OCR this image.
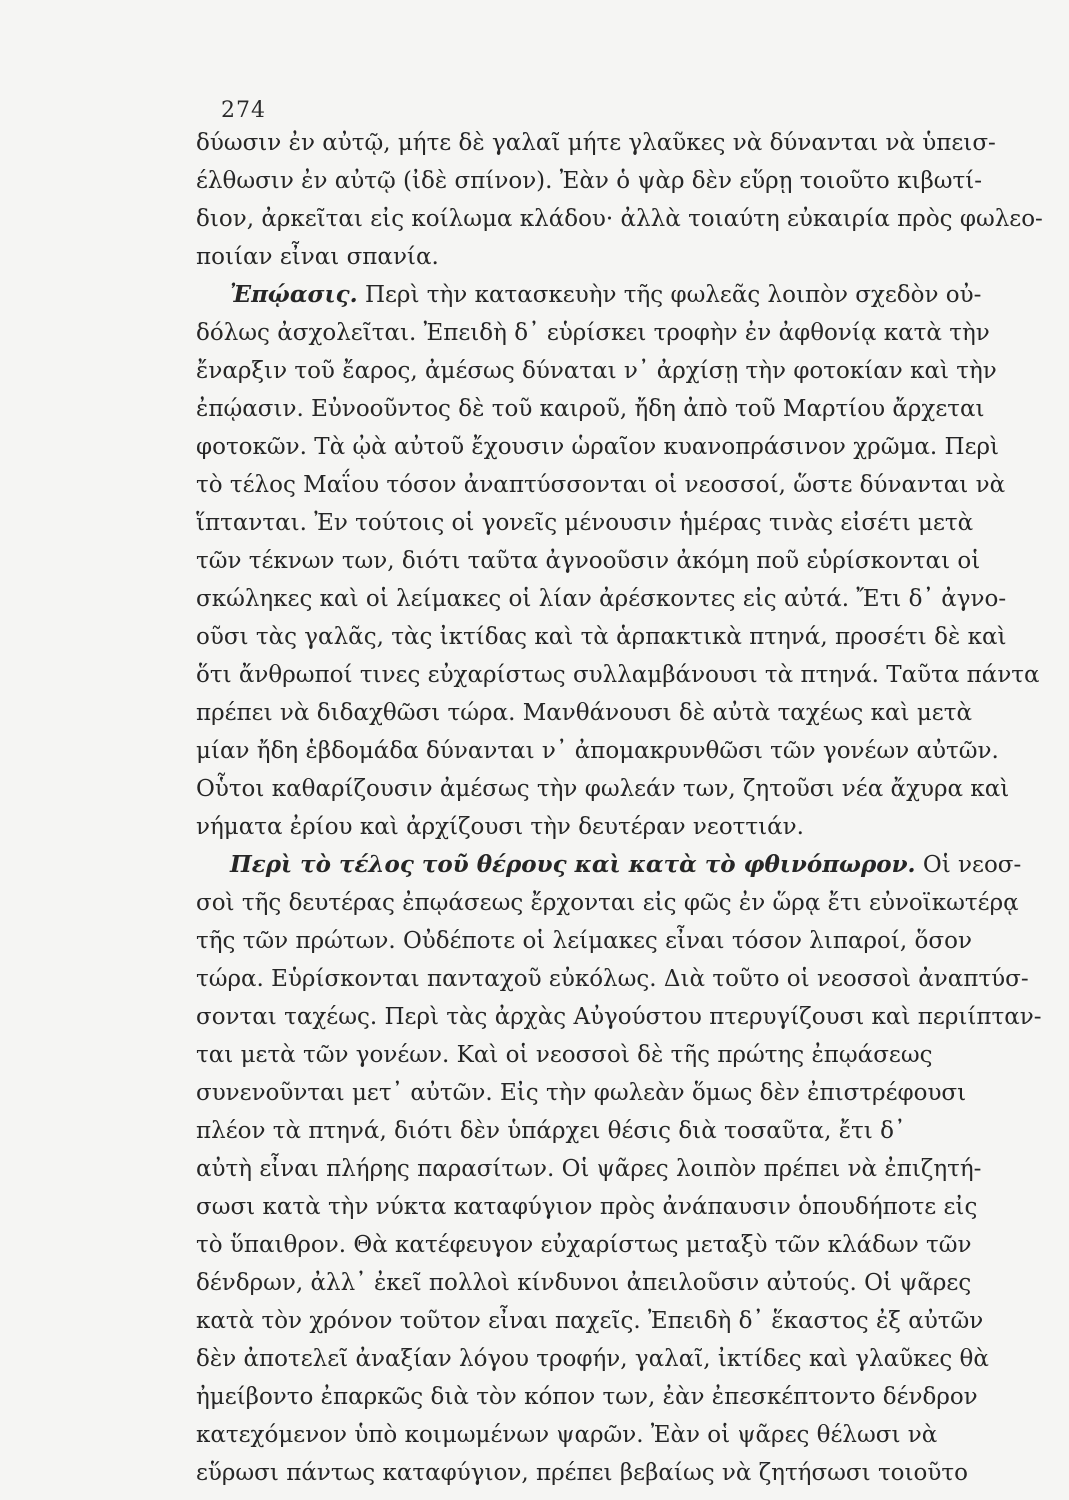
274
δύωσιν ἐν αὐτῷ, μήτε δὲ γαλαῖ μήτε γλαῦκες νὰ δύνανται νὰ ὑπεισ-
έλθωσιν ἐν αὐτῷ (ἰδὲ σπίνον). Ἐὰν ὁ ψὰρ δὲν εὕρῃ τοιοῦτο κιβωτί-
διον, ἀρκεῖται εἰς κοίλωμα κλάδου· ἀλλὰ τοιαύτη εὐκαιρία πρὸς φωλεο-
ποιίαν εἶναι σπανία.
Ἐπῴασις. Περὶ τὴν κατασκευὴν τῆς φωλεᾶς λοιπὸν σχεδὸν οὐ-
δόλως ἀσχολεῖται. Ἐπειδὴ δ᾽ εὑρίσκει τροφὴν ἐν ἀφθονίᾳ κατὰ τὴν
ἔναρξιν τοῦ ἔαρος, ἀμέσως δύναται ν᾽ ἀρχίσῃ τὴν φοτοκίαν καὶ τὴν
ἐπῴασιν. Εὐνοοῦντος δὲ τοῦ καιροῦ, ἤδη ἀπὸ τοῦ Μαρτίου ἄρχεται
φοτοκῶν. Τὰ ᾠὰ αὐτοῦ ἔχουσιν ὡραῖον κυανοπράσινον χρῶμα. Περὶ
τὸ τέλος Μαΐου τόσον ἀναπτύσσονται οἱ νεοσσοί, ὥστε δύνανται νὰ
ἵπτανται. Ἐν τούτοις οἱ γονεῖς μένουσιν ἡμέρας τινὰς εἰσέτι μετὰ
τῶν τέκνων των, διότι ταῦτα ἀγνοοῦσιν ἀκόμη ποῦ εὑρίσκονται οἱ
σκώληκες καὶ οἱ λείμακες οἱ λίαν ἀρέσκοντες εἰς αὐτά. Ἔτι δ᾽ ἀγνο-
οῦσι τὰς γαλᾶς, τὰς ἰκτίδας καὶ τὰ ἁρπακτικὰ πτηνά, προσέτι δὲ καὶ
ὅτι ἄνθρωποί τινες εὐχαρίστως συλλαμβάνουσι τὰ πτηνά. Ταῦτα πάντα
πρέπει νὰ διδαχθῶσι τώρα. Μανθάνουσι δὲ αὐτὰ ταχέως καὶ μετὰ
μίαν ἤδη ἑβδομάδα δύνανται ν᾽ ἀπομακρυνθῶσι τῶν γονέων αὐτῶν.
Οὗτοι καθαρίζουσιν ἀμέσως τὴν φωλεάν των, ζητοῦσι νέα ἄχυρα καὶ
νήματα ἐρίου καὶ ἀρχίζουσι τὴν δευτέραν νεοττιάν.
Περὶ τὸ τέλος τοῦ θέρους καὶ κατὰ τὸ φθινόπωρον. Οἱ νεοσ-
σοὶ τῆς δευτέρας ἐπῳάσεως ἔρχονται εἰς φῶς ἐν ὥρᾳ ἔτι εὐνοϊκωτέρᾳ
τῆς τῶν πρώτων. Οὐδέποτε οἱ λείμακες εἶναι τόσον λιπαροί, ὅσον
τώρα. Εὑρίσκονται πανταχοῦ εὐκόλως. Διὰ τοῦτο οἱ νεοσσοὶ ἀναπτύσ-
σονται ταχέως. Περὶ τὰς ἀρχὰς Αὐγούστου πτερυγίζουσι καὶ περιίπταν-
ται μετὰ τῶν γονέων. Καὶ οἱ νεοσσοὶ δὲ τῆς πρώτης ἐπῳάσεως
συνενοῦνται μετ᾽ αὐτῶν. Εἰς τὴν φωλεὰν ὅμως δὲν ἐπιστρέφουσι
πλέον τὰ πτηνά, διότι δὲν ὑπάρχει θέσις διὰ τοσαῦτα, ἔτι δ᾽
αὐτὴ εἶναι πλήρης παρασίτων. Οἱ ψᾶρες λοιπὸν πρέπει νὰ ἐπιζητή-
σωσι κατὰ τὴν νύκτα καταφύγιον πρὸς ἀνάπαυσιν ὁπουδήποτε εἰς
τὸ ὕπαιθρον. Θὰ κατέφευγον εὐχαρίστως μεταξὺ τῶν κλάδων τῶν
δένδρων, ἀλλ᾽ ἐκεῖ πολλοὶ κίνδυνοι ἀπειλοῦσιν αὐτούς. Οἱ ψᾶρες
κατὰ τὸν χρόνον τοῦτον εἶναι παχεῖς. Ἐπειδὴ δ᾽ ἕκαστος ἐξ αὐτῶν
δὲν ἀποτελεῖ ἀναξίαν λόγου τροφήν, γαλαῖ, ἰκτίδες καὶ γλαῦκες θὰ
ἠμείβοντο ἐπαρκῶς διὰ τὸν κόπον των, ἐὰν ἐπεσκέπτοντο δένδρον
κατεχόμενον ὑπὸ κοιμωμένων ψαρῶν. Ἐὰν οἱ ψᾶρες θέλωσι νὰ
εὕρωσι πάντως καταφύγιον, πρέπει βεβαίως νὰ ζητήσωσι τοιοῦτο
